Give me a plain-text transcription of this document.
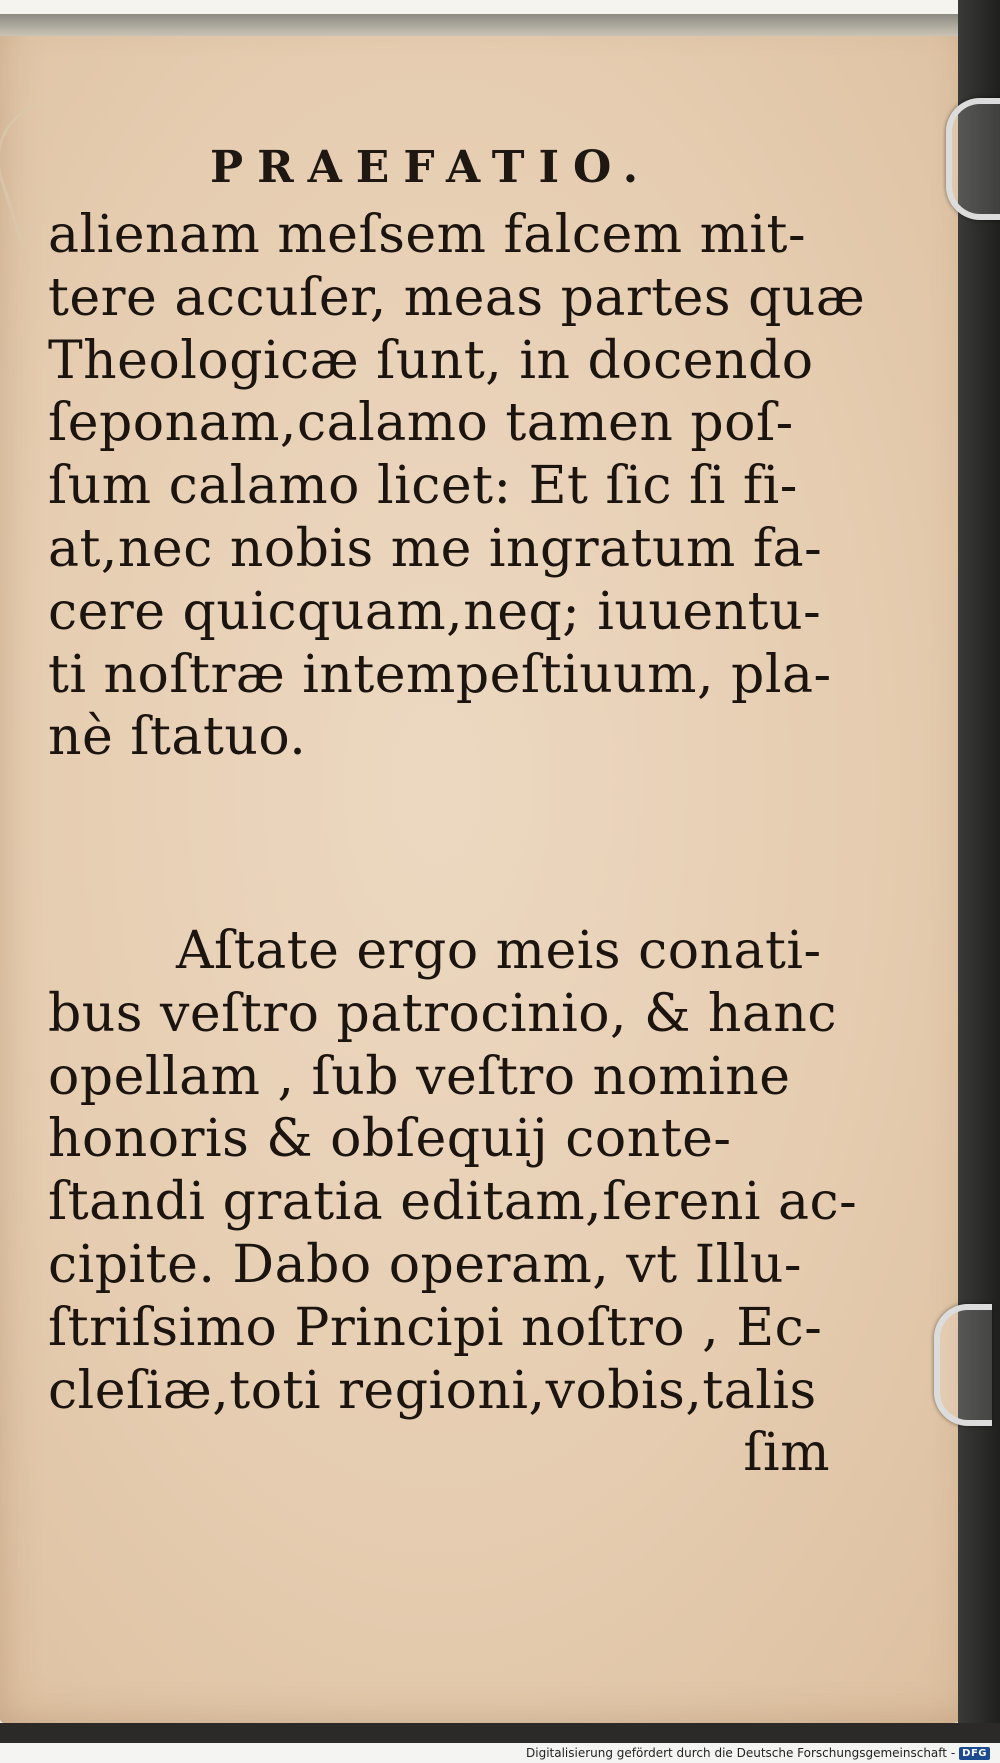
PRAEFATIO.
alienam meſsem falcem mit-
tere accuſer, meas partes quæ
Theologicæ ſunt, in docendo
ſeponam,calamo tamen poſ-
ſum calamo licet: Et ſic ſi fi-
at,nec nobis me ingratum fa-
cere quicquam,neq; iuuentu-
ti noſtræ intempeſtiuum, pla-
nè ſtatuo.
Aſtate ergo meis conati-
bus veſtro patrocinio, & hanc
opellam , ſub veſtro nomine
honoris & obſequij conte-
ſtandi gratia editam,ſereni ac-
cipite. Dabo operam, vt Illu-
ſtriſsimo Principi noſtro , Ec-
cleſiæ,toti regioni,vobis,talis
ſim
Digitalisierung gefördert durch die Deutsche Forschungsgemeinschaft - DFG
